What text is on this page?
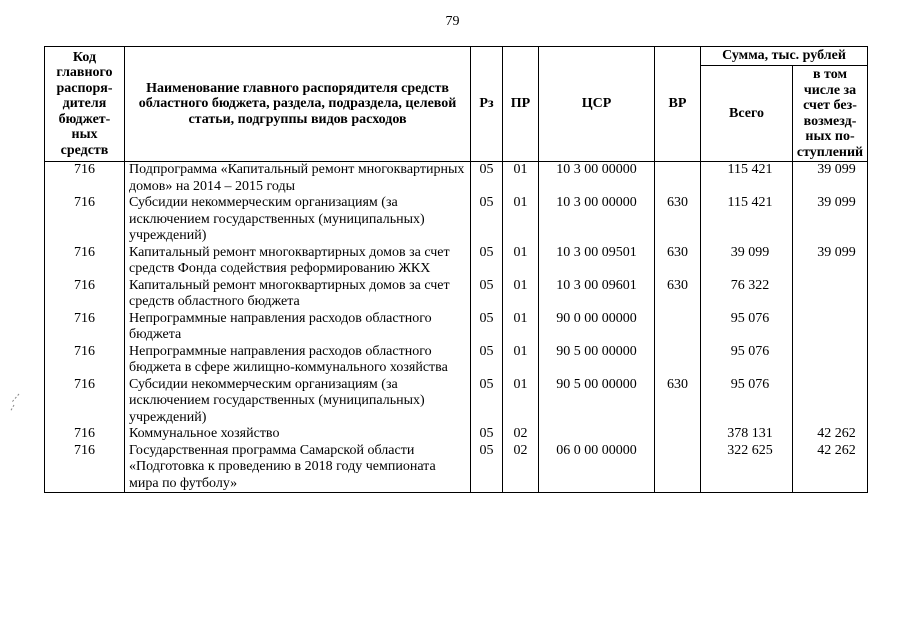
79
Код главного распоря-дителя бюджет-ных средств	Наименование главного распорядителя средств областного бюджета, раздела, подраздела, целевой статьи, подгруппы видов расходов	Рз	ПР	ЦСР	ВР	Сумма, тыс. рублей	
						Всего	в том числе за счет без-возмезд-ных по-ступлений
716	Подпрограмма «Капитальный ремонт многоквартирных домов» на 2014 – 2015 годы	05	01	10 3 00 00000		115 421	39 099
716	Субсидии некоммерческим организациям (за исключением государственных (муниципальных) учреждений)	05	01	10 3 00 00000	630	115 421	39 099
716	Капитальный ремонт многоквартирных домов за счет средств Фонда содействия реформированию ЖКХ	05	01	10 3 00 09501	630	39 099	39 099
716	Капитальный ремонт многоквартирных домов за счет средств областного бюджета	05	01	10 3 00 09601	630	76 322	
716	Непрограммные направления расходов областного бюджета	05	01	90 0 00 00000		95 076	
716	Непрограммные направления расходов областного бюджета в сфере жилищно-коммунального хозяйства	05	01	90 5 00 00000		95 076	
716	Субсидии некоммерческим организациям (за исключением государственных (муниципальных) учреждений)	05	01	90 5 00 00000	630	95 076	
716	Коммунальное хозяйство	05	02			378 131	42 262
716	Государственная программа Самарской области «Подготовка к проведению в 2018 году чемпионата мира по футболу»	05	02	06 0 00 00000		322 625	42 262
